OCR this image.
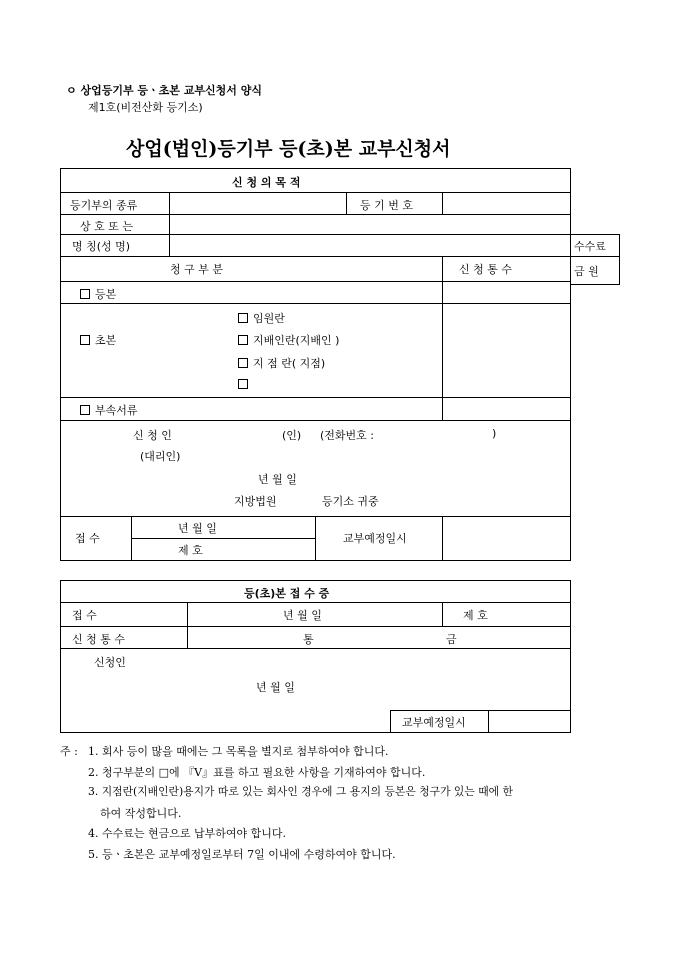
ㅇ 상업등기부 등ㆍ초본 교부신청서 양식
제1호(비전산화 등기소)
상업(법인)등기부 등(초)본 교부신청서
신 청 의 목 적
등기부의 종류	등 기 번 호
상 호 또 는
명 칭(성 명)	수수료
청 구 부 분	신 청 통 수	금 원
등본
초본
임원란
지배인란(지배인 )
지 점 란( 지점)
부속서류
신 청 인	(인) (전화번호 :	)
(대리인)
년 월 일
지방법원	등기소 귀중
접 수
년 월 일
제 호
교부예정일시
등(초)본 접 수 증
접 수	년 월 일	제 호
신 청 통 수	통	금
신청인
년 월 일
교부예정일시
주 : 1. 회사 등이 많을 때에는 그 목록을 별지로 첨부하여야 합니다.
2. 청구부분의 □에 『V』표를 하고 필요한 사항을 기재하여야 합니다.
3. 지점란(지배인란)용지가 따로 있는 회사인 경우에 그 용지의 등본은 청구가 있는 때에 한
하여 작성합니다.
4. 수수료는 현금으로 납부하여야 합니다.
5. 등ㆍ초본은 교부예정일로부터 7일 이내에 수령하여야 합니다.
